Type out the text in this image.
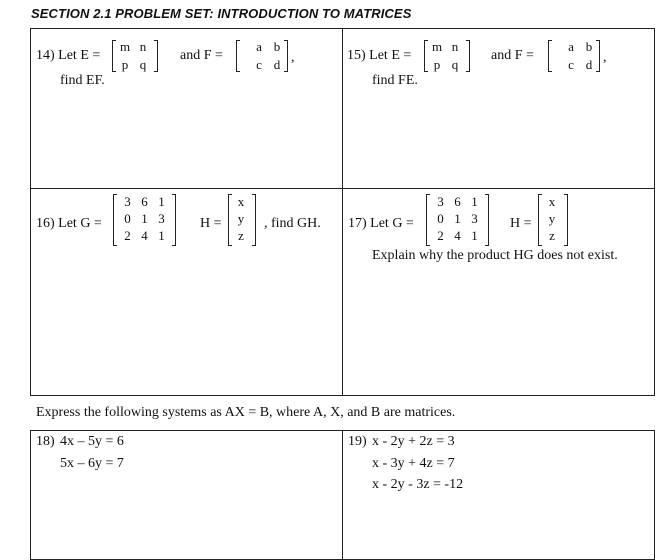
SECTION 2.1 PROBLEM SET: INTRODUCTION TO MATRICES
14) Let E =
m n
p q
and F =
a b
c d ,
find EF.
15) Let E =
m n
p q
and F =
a b
c d ,
find FE.
16) Let G =
3 6 1
0 1 3
2 4 1
H =
x
y
z
, find GH. 17) Let G =
3 6 1
0 1 3
2 4 1
H =
x
y
z
Explain why the product HG does not exist.
Express the following systems as AX = B, where A, X, and B are matrices.
18) 4x – 5y = 6
5x – 6y = 7
19) x - 2y + 2z = 3
x - 3y + 4z = 7
x - 2y - 3z = -12
